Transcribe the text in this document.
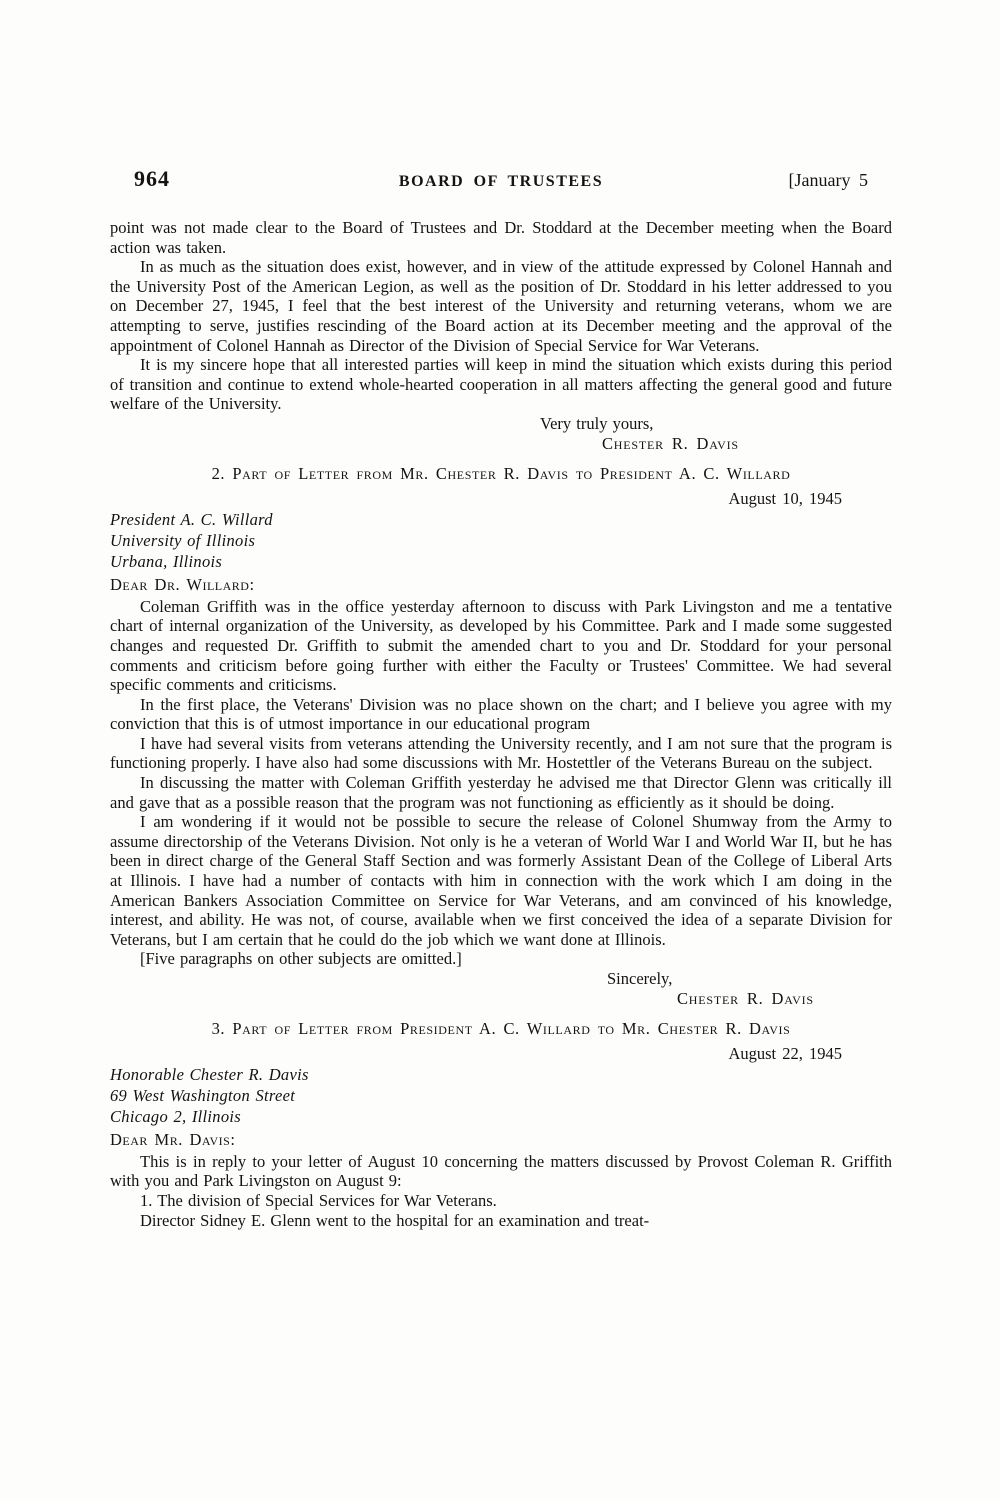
964	BOARD OF TRUSTEES	[January 5

point was not made clear to the Board of Trustees and Dr. Stoddard at the December meeting when the Board action was taken.

In as much as the situation does exist, however, and in view of the attitude expressed by Colonel Hannah and the University Post of the American Legion, as well as the position of Dr. Stoddard in his letter addressed to you on December 27, 1945, I feel that the best interest of the University and returning veterans, whom we are attempting to serve, justifies rescinding of the Board action at its December meeting and the approval of the appointment of Colonel Hannah as Director of the Division of Special Service for War Veterans.

It is my sincere hope that all interested parties will keep in mind the situation which exists during this period of transition and continue to extend whole-hearted cooperation in all matters affecting the general good and future welfare of the University.

Very truly yours,
Chester R. Davis
2. Part of Letter from Mr. Chester R. Davis to President A. C. Willard
August 10, 1945
President A. C. Willard
University of Illinois
Urbana, Illinois
Dear Dr. Willard:

Coleman Griffith was in the office yesterday afternoon to discuss with Park Livingston and me a tentative chart of internal organization of the University, as developed by his Committee. Park and I made some suggested changes and requested Dr. Griffith to submit the amended chart to you and Dr. Stoddard for your personal comments and criticism before going further with either the Faculty or Trustees' Committee. We had several specific comments and criticisms.

In the first place, the Veterans' Division was no place shown on the chart; and I believe you agree with my conviction that this is of utmost importance in our educational program

I have had several visits from veterans attending the University recently, and I am not sure that the program is functioning properly. I have also had some discussions with Mr. Hostettler of the Veterans Bureau on the subject.

In discussing the matter with Coleman Griffith yesterday he advised me that Director Glenn was critically ill and gave that as a possible reason that the program was not functioning as efficiently as it should be doing.

I am wondering if it would not be possible to secure the release of Colonel Shumway from the Army to assume directorship of the Veterans Division. Not only is he a veteran of World War I and World War II, but he has been in direct charge of the General Staff Section and was formerly Assistant Dean of the College of Liberal Arts at Illinois. I have had a number of contacts with him in connection with the work which I am doing in the American Bankers Association Committee on Service for War Veterans, and am convinced of his knowledge, interest, and ability. He was not, of course, available when we first conceived the idea of a separate Division for Veterans, but I am certain that he could do the job which we want done at Illinois.

[Five paragraphs on other subjects are omitted.]

Sincerely,
Chester R. Davis
3. Part of Letter from President A. C. Willard to Mr. Chester R. Davis
August 22, 1945
Honorable Chester R. Davis
69 West Washington Street
Chicago 2, Illinois
Dear Mr. Davis:

This is in reply to your letter of August 10 concerning the matters discussed by Provost Coleman R. Griffith with you and Park Livingston on August 9:

1. The division of Special Services for War Veterans.

Director Sidney E. Glenn went to the hospital for an examination and treat-
